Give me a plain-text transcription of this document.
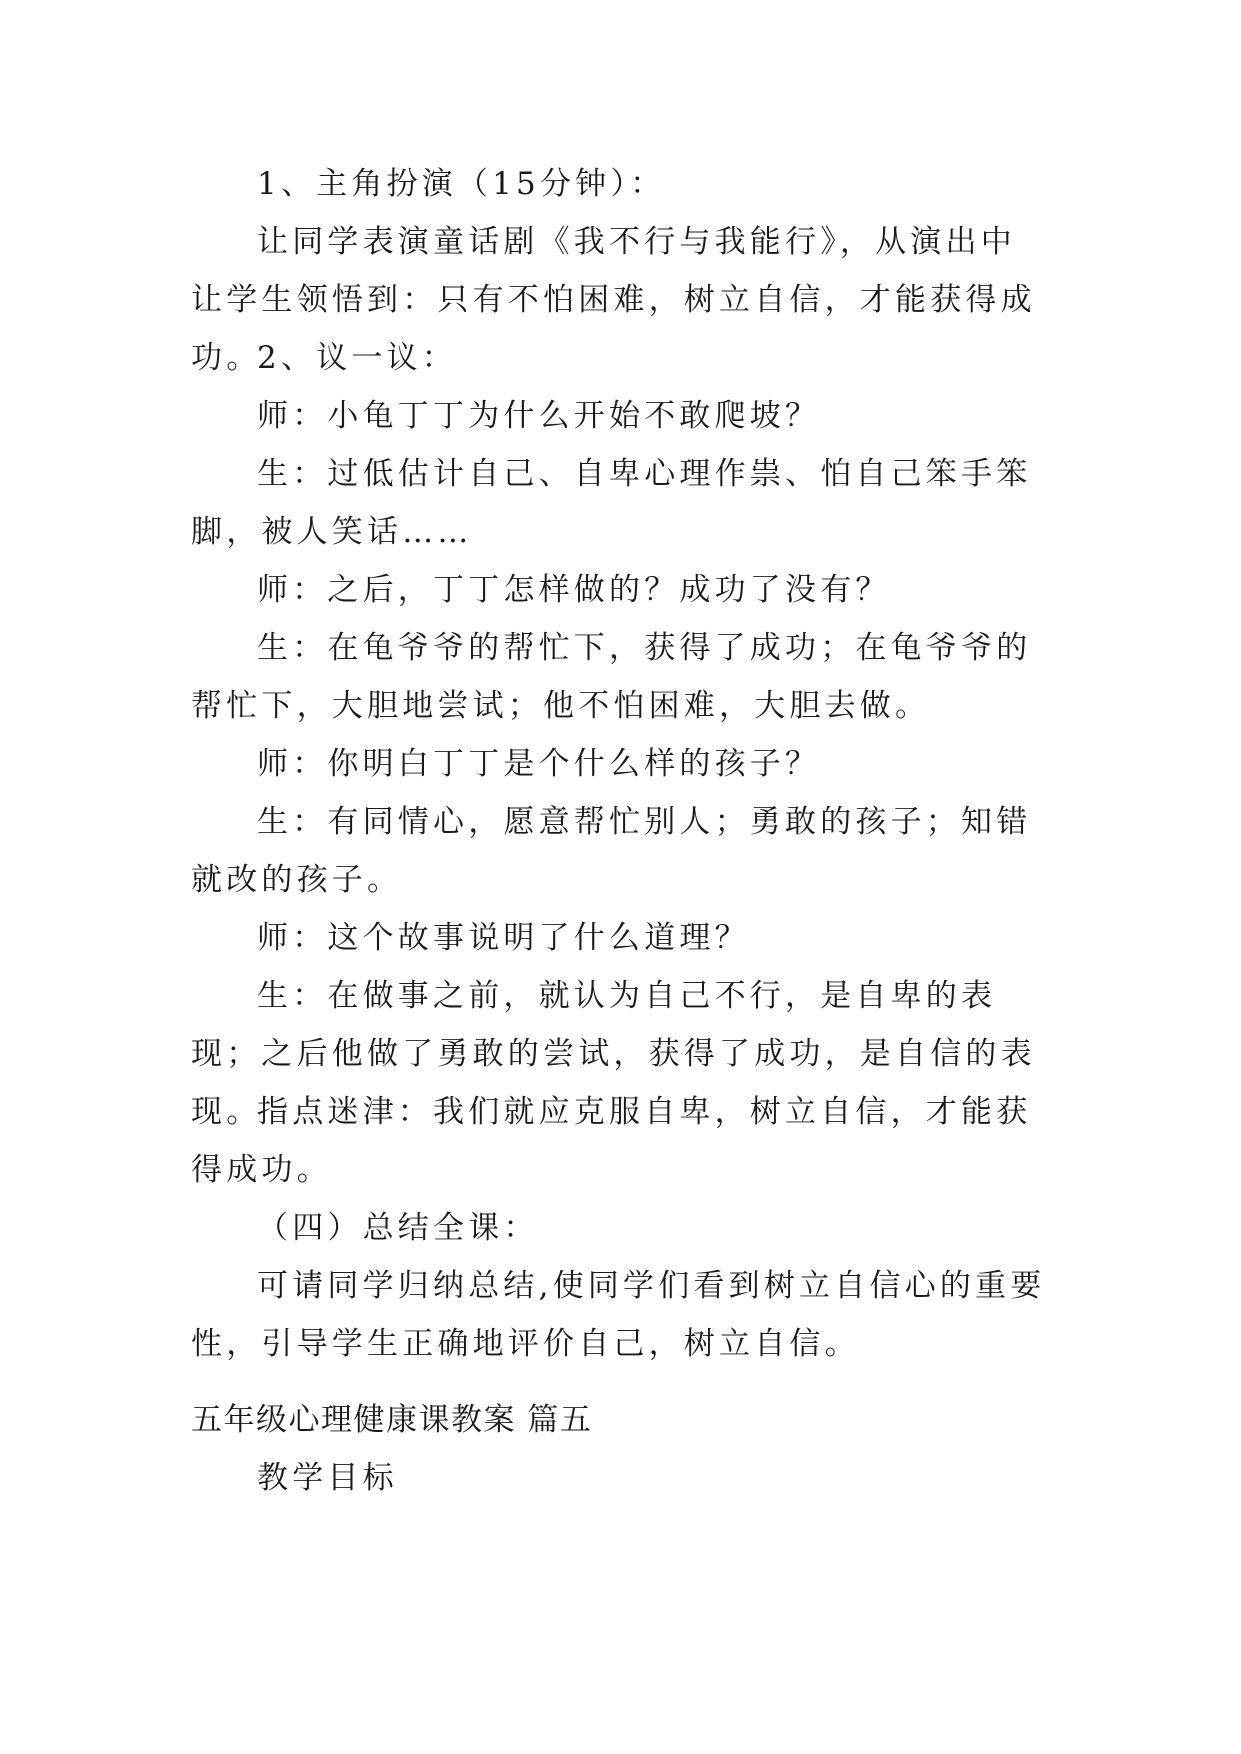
1、主角扮演（15分钟）：

让同学表演童话剧《我不行与我能行》，从演出中让学生领悟到：只有不怕困难，树立自信，才能获得成功。

2、议一议：

师：小龟丁丁为什么开始不敢爬坡？

生：过低估计自己、自卑心理作祟、怕自己笨手笨脚，被人笑话……

师：之后，丁丁怎样做的？成功了没有？

生：在龟爷爷的帮忙下，获得了成功；在龟爷爷的帮忙下，大胆地尝试；他不怕困难，大胆去做。

师：你明白丁丁是个什么样的孩子？

生：有同情心，愿意帮忙别人；勇敢的孩子；知错就改的孩子。

师：这个故事说明了什么道理？

生：在做事之前，就认为自己不行，是自卑的表现；之后他做了勇敢的尝试，获得了成功，是自信的表现。

指点迷津：我们就应克服自卑，树立自信，才能获得成功。

（四）总结全课：

可请同学归纳总结,使同学们看到树立自信心的重要性，引导学生正确地评价自己，树立自信。

五年级心理健康课教案 篇五

教学目标
